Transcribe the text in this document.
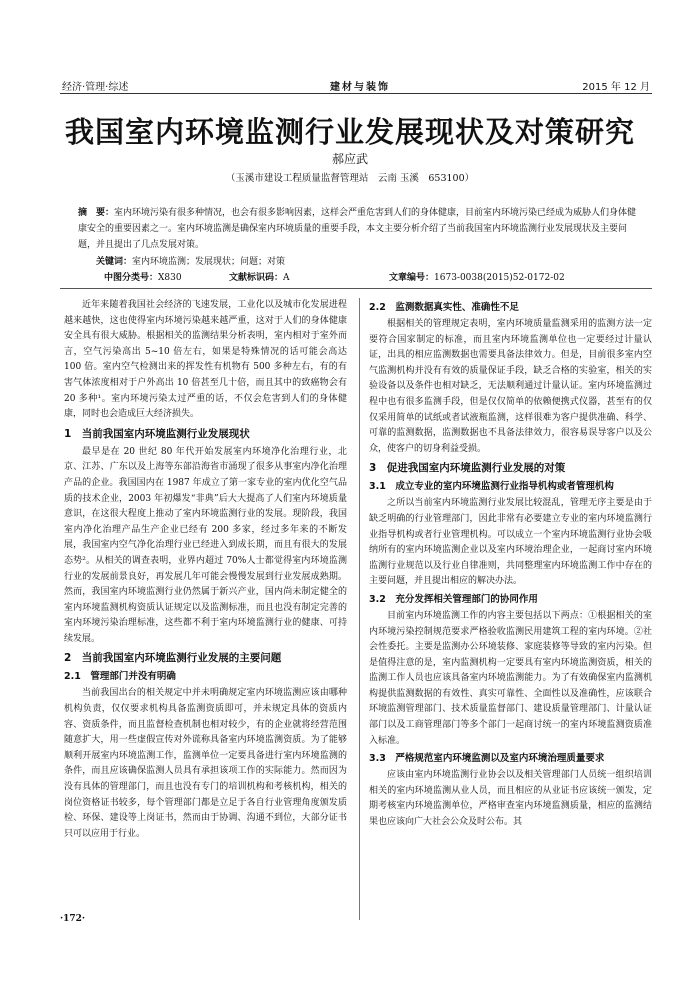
经济·管理·综述	建材与装饰	2015 年 12 月
我国室内环境监测行业发展现状及对策研究
郝应武
（玉溪市建设工程质量监督管理站　云南 玉溪　653100）
摘　要：室内环境污染有很多种情况，也会有很多影响因素，这样会严重危害到人们的身体健康，目前室内环境污染已经成为威胁人们身体健康安全的重要因素之一。室内环境监测是确保室内环境质量的重要手段，本文主要分析介绍了当前我国室内环境监测行业发展现状及主要问题，并且提出了几点发展对策。
关键词：室内环境监测；发展现状；问题；对策
中图分类号：X830	文献标识码：A	文章编号：1673-0038(2015)52-0172-02

近年来随着我国社会经济的飞速发展，工业化以及城市化发展进程越来越快，这也使得室内环境污染越来越严重，这对于人们的身体健康安全具有很大威胁。根据相关的监测结果分析表明，室内相对于室外而言，空气污染高出 5~10 倍左右，如果是特殊情况的话可能会高达 100 倍。室内空气检测出来的挥发性有机物有 500 多种左右，有的有害气体浓度相对于户外高出 10 倍甚至几十倍，而且其中的致癌物会有 20 多种¹。室内环境污染太过严重的话，不仅会危害到人们的身体健康，同时也会造成巨大经济损失。

1　当前我国室内环境监测行业发展现状

最早是在 20 世纪 80 年代开始发展室内环境净化治理行业，北京、江苏、广东以及上海等东部沿海省市涌现了很多从事室内净化治理产品的企业。我国国内在 1987 年成立了第一家专业的室内优化空气品质的技术企业，2003 年初爆发“非典”后大大提高了人们室内环境质量意识，在这很大程度上推动了室内环境监测行业的发展。现阶段，我国室内净化治理产品生产企业已经有 200 多家，经过多年来的不断发展，我国室内空气净化治理行业已经进入到成长期，而且有很大的发展态势²。从相关的调查表明，业界内超过 70%人士都觉得室内环境监测行业的发展前景良好，再发展几年可能会慢慢发展到行业发展成熟期。然而，我国室内环境监测行业仍然属于新兴产业，国内尚未制定健全的室内环境监测机构资质认证规定以及监测标准，而且也没有制定完善的室内环境污染治理标准，这些都不利于室内环境监测行业的健康、可持续发展。

2　当前我国室内环境监测行业发展的主要问题
2.1　管理部门并没有明确

当前我国出台的相关规定中并未明确规定室内环境监测应该由哪种机构负责，仅仅要求机构具备监测资质即可，并未规定具体的资质内容、资质条件，而且监督检查机制也相对较少，有的企业就将经营范围随意扩大，用一些虚假宣传对外谎称具备室内环境监测资质。为了能够顺利开展室内环境监测工作，监测单位一定要具备进行室内环境监测的条件，而且应该确保监测人员具有承担该项工作的实际能力。然而因为没有具体的管理部门，而且也没有专门的培训机构和考核机构，相关的岗位资格证书较多，每个管理部门都是立足于各自行业管理角度颁发质检、环保、建设等上岗证书，然而由于协调、沟通不到位，大部分证书只可以应用于行业。

2.2　监测数据真实性、准确性不足

根据相关的管理规定表明，室内环境质量监测采用的监测方法一定要符合国家制定的标准，而且室内环境监测单位也一定要经过计量认证，出具的相应监测数据也需要具备法律效力。但是，目前很多室内空气监测机构并没有有效的质量保证手段，缺乏合格的实验室，相关的实验设备以及条件也相对缺乏，无法顺利通过计量认证。室内环境监测过程中也有很多监测手段，但是仅仅简单的依赖便携式仪器，甚至有的仅仅采用简单的试纸或者试液瓶监测，这样很难为客户提供准确、科学、可靠的监测数据，监测数据也不具备法律效力，很容易误导客户以及公众，使客户的切身利益受损。

3　促进我国室内环境监测行业发展的对策
3.1　成立专业的室内环境监测行业指导机构或者管理机构

之所以当前室内环境监测行业发展比较混乱，管理无序主要是由于缺乏明确的行业管理部门，因此非常有必要建立专业的室内环境监测行业指导机构或者行业管理机构。可以成立一个室内环境监测行业协会吸纳所有的室内环境监测企业以及室内环境治理企业，一起商讨室内环境监测行业规范以及行业自律准则，共同整理室内环境监测工作中存在的主要问题，并且提出相应的解决办法。

3.2　充分发挥相关管理部门的协同作用

目前室内环境监测工作的内容主要包括以下两点：①根据相关的室内环境污染控制规范要求严格验收监测民用建筑工程的室内环境。②社会性委托。主要是监测办公环境装修、家庭装修等导致的室内污染。但是值得注意的是，室内监测机构一定要具有室内环境监测资质，相关的监测工作人员也应该具备室内环境监测能力。为了有效确保室内监测机构提供监测数据的有效性、真实可靠性、全面性以及准确性，应该联合环境监测管理部门、技术质量监督部门、建设质量管理部门、计量认证部门以及工商管理部门等多个部门一起商讨统一的室内环境监测资质准入标准。

3.3　严格规范室内环境监测以及室内环境治理质量要求

应该由室内环境监测行业协会以及相关管理部门人员统一组织培训相关的室内环境监测从业人员，而且相应的从业证书应该统一颁发，定期考核室内环境监测单位，严格审查室内环境监测质量，相应的监测结果也应该向广大社会公众及时公布。其

·172·
